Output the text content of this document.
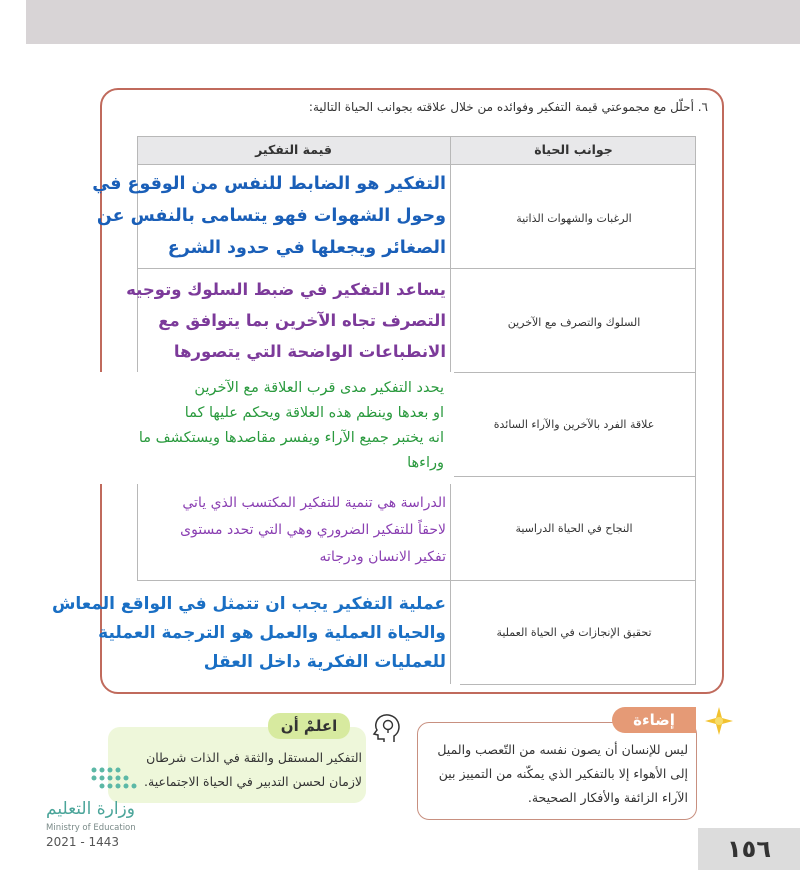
٦. أحلّل مع مجموعتي قيمة التفكير وفوائده من خلال علاقته بجوانب الحياة التالية:
جوانب الحياة
قيمة التفكير
الرغبات والشهوات الذاتية
السلوك والتصرف مع الآخرين
علاقة الفرد بالآخرين والآراء السائدة
النجاح في الحياة الدراسية
تحقيق الإنجازات في الحياة العملية
التفكير هو الضابط للنفس من الوقوع في
وحول الشهوات فهو يتسامى بالنفس عن
الصغائر ويجعلها في حدود الشرع
يساعد التفكير في ضبط السلوك وتوجيه
التصرف تجاه الآخرين بما يتوافق مع
الانطباعات الواضحة التي يتصورها
يحدد التفكير مدى قرب العلاقة مع الآخرين
او بعدها وينظم هذه العلاقة ويحكم عليها كما
انه يختبر جميع الآراء ويفسر مقاصدها ويستكشف ما
وراءها
الدراسة هي تنمية للتفكير المكتسب الذي ياتي
لاحقاً للتفكير الضروري وهي التي تحدد مستوى
تفكير الانسان ودرجاته
عملية التفكير يجب ان تتمثل في الواقع المعاش
والحياة العملية والعمل هو الترجمة العملية
للعمليات الفكرية داخل العقل
إضاءة
ليس للإنسان أن يصون نفسه من التّعصب والميل
إلى الأهواء إلا بالتفكير الذي يمكّنه من التمييز بين
الآراء الزائفة والأفكار الصحيحة.
اعلمْ أن
التفكير المستقل والثقة في الذات شرطان
لازمان لحسن التدبير في الحياة الاجتماعية.
وزارة التعليم
Ministry of Education
2021 - 1443	١٥٦
